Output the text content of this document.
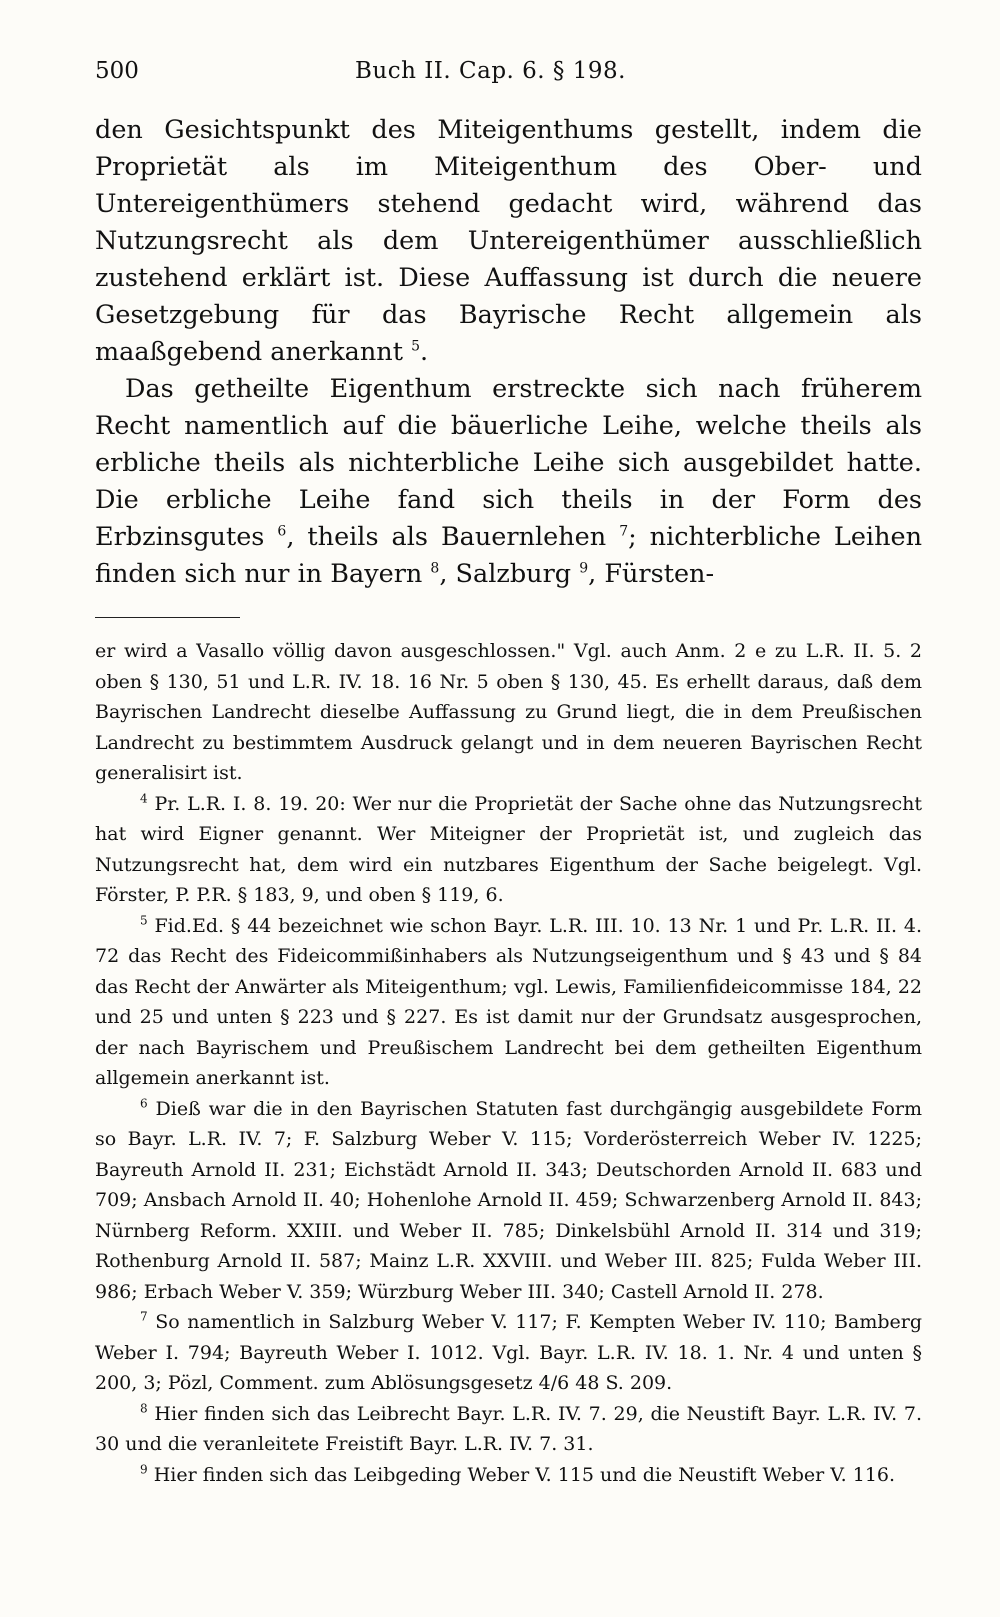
500	Buch II. Cap. 6. § 198.

den Gesichtspunkt des Miteigenthums gestellt, indem die Proprietät als im Miteigenthum des Ober- und Untereigenthümers stehend gedacht wird, während das Nutzungsrecht als dem Untereigenthümer ausschließlich zustehend erklärt ist. Diese Auffassung ist durch die neuere Gesetzgebung für das Bayrische Recht allgemein als maaßgebend anerkannt $^5$.

Das getheilte Eigenthum erstreckte sich nach früherem Recht namentlich auf die bäuerliche Leihe, welche theils als erbliche theils als nichterbliche Leihe sich ausgebildet hatte. Die erbliche Leihe fand sich theils in der Form des Erbzinsgutes $^6$, theils als Bauernlehen $^7$; nichterbliche Leihen finden sich nur in Bayern $^8$, Salzburg $^9$, Fürsten-

er wird a Vasallo völlig davon ausgeschlossen." Vgl. auch Anm. 2 e zu L.R. II. 5. 2 oben § 130, 51 und L.R. IV. 18. 16 Nr. 5 oben § 130, 45. Es erhellt daraus, daß dem Bayrischen Landrecht dieselbe Auffassung zu Grund liegt, die in dem Preußischen Landrecht zu bestimmtem Ausdruck gelangt und in dem neueren Bayrischen Recht generalisirt ist.

$^4$ Pr. L.R. I. 8. 19. 20: Wer nur die Proprietät der Sache ohne das Nutzungsrecht hat wird Eigner genannt. Wer Miteigner der Proprietät ist, und zugleich das Nutzungsrecht hat, dem wird ein nutzbares Eigenthum der Sache beigelegt. Vgl. Förster, P. P.R. § 183, 9, und oben § 119, 6.

$^5$ Fid.Ed. § 44 bezeichnet wie schon Bayr. L.R. III. 10. 13 Nr. 1 und Pr. L.R. II. 4. 72 das Recht des Fideicommißinhabers als Nutzungseigenthum und § 43 und § 84 das Recht der Anwärter als Miteigenthum; vgl. Lewis, Familienfideicommisse 184, 22 und 25 und unten § 223 und § 227. Es ist damit nur der Grundsatz ausgesprochen, der nach Bayrischem und Preußischem Landrecht bei dem getheilten Eigenthum allgemein anerkannt ist.

$^6$ Dieß war die in den Bayrischen Statuten fast durchgängig ausgebildete Form so Bayr. L.R. IV. 7; F. Salzburg Weber V. 115; Vorderösterreich Weber IV. 1225; Bayreuth Arnold II. 231; Eichstädt Arnold II. 343; Deutschorden Arnold II. 683 und 709; Ansbach Arnold II. 40; Hohenlohe Arnold II. 459; Schwarzenberg Arnold II. 843; Nürnberg Reform. XXIII. und Weber II. 785; Dinkelsbühl Arnold II. 314 und 319; Rothenburg Arnold II. 587; Mainz L.R. XXVIII. und Weber III. 825; Fulda Weber III. 986; Erbach Weber V. 359; Würzburg Weber III. 340; Castell Arnold II. 278.

$^7$ So namentlich in Salzburg Weber V. 117; F. Kempten Weber IV. 110; Bamberg Weber I. 794; Bayreuth Weber I. 1012. Vgl. Bayr. L.R. IV. 18. 1. Nr. 4 und unten § 200, 3; Pözl, Comment. zum Ablösungsgesetz 4/6 48 S. 209.

$^8$ Hier finden sich das Leibrecht Bayr. L.R. IV. 7. 29, die Neustift Bayr. L.R. IV. 7. 30 und die veranleitete Freistift Bayr. L.R. IV. 7. 31.

$^9$ Hier finden sich das Leibgeding Weber V. 115 und die Neustift Weber V. 116.
